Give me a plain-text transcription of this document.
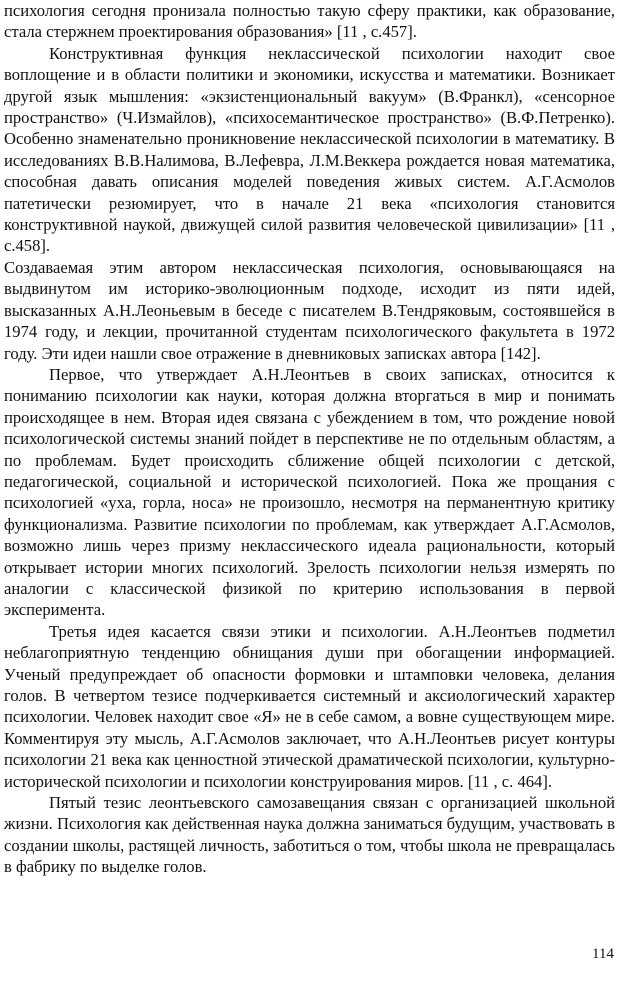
психология сегодня пронизала полностью такую сферу практики, как образование, стала стержнем проектирования образования» [11 , с.457].

Конструктивная функция неклассической психологии находит свое воплощение и в области политики и экономики, искусства и математики. Возникает другой язык мышления: «экзистенциональный вакуум» (В.Франкл), «сенсорное пространство» (Ч.Измайлов), «психосемантическое пространство» (В.Ф.Петренко). Особенно знаменательно проникновение неклассической психологии в математику. В исследованиях В.В.Налимова, В.Лефевра, Л.М.Веккера рождается новая математика, способная давать описания моделей поведения живых систем. А.Г.Асмолов патетически резюмирует, что в начале 21 века «психология становится конструктивной наукой, движущей силой развития человеческой цивилизации» [11 , с.458].

Создаваемая этим автором неклассическая психология, основывающаяся на выдвинутом им историко-эволюционным подходе, исходит из пяти идей, высказанных А.Н.Леоньевым в беседе с писателем В.Тендряковым, состоявшейся в 1974 году, и лекции, прочитанной студентам психологического факультета в 1972 году. Эти идеи нашли свое отражение в дневниковых записках автора [142].

Первое, что утверждает А.Н.Леонтьев в своих записках, относится к пониманию психологии как науки, которая должна вторгаться в мир и понимать происходящее в нем. Вторая идея связана с убеждением в том, что рождение новой психологической системы знаний пойдет в перспективе не по отдельным областям, а по проблемам. Будет происходить сближение общей психологии с детской, педагогической, социальной и исторической психологией. Пока же прощания с психологией «уха, горла, носа» не произошло, несмотря на перманентную критику функционализма. Развитие психологии по проблемам, как утверждает А.Г.Асмолов, возможно лишь через призму неклассического идеала рациональности, который открывает истории многих психологий. Зрелость психологии нельзя измерять по аналогии с классической физикой по критерию использования в первой эксперимента.

Третья идея касается связи этики и психологии. А.Н.Леонтьев подметил неблагоприятную тенденцию обнищания души при обогащении информацией. Ученый предупреждает об опасности формовки и штамповки человека, делания голов. В четвертом тезисе подчеркивается системный и аксиологический характер психологии. Человек находит свое «Я» не в себе самом, а вовне существующем мире. Комментируя эту мысль, А.Г.Асмолов заключает, что А.Н.Леонтьев рисует контуры психологии 21 века как ценностной этической драматической психологии, культурно-исторической психологии и психологии конструирования миров. [11 , с. 464].

Пятый тезис леонтьевского самозавещания связан с организацией школьной жизни. Психология как действенная наука должна заниматься будущим, участвовать в создании школы, растящей личность, заботиться о том, чтобы школа не превращалась в фабрику по выделке голов.

114
